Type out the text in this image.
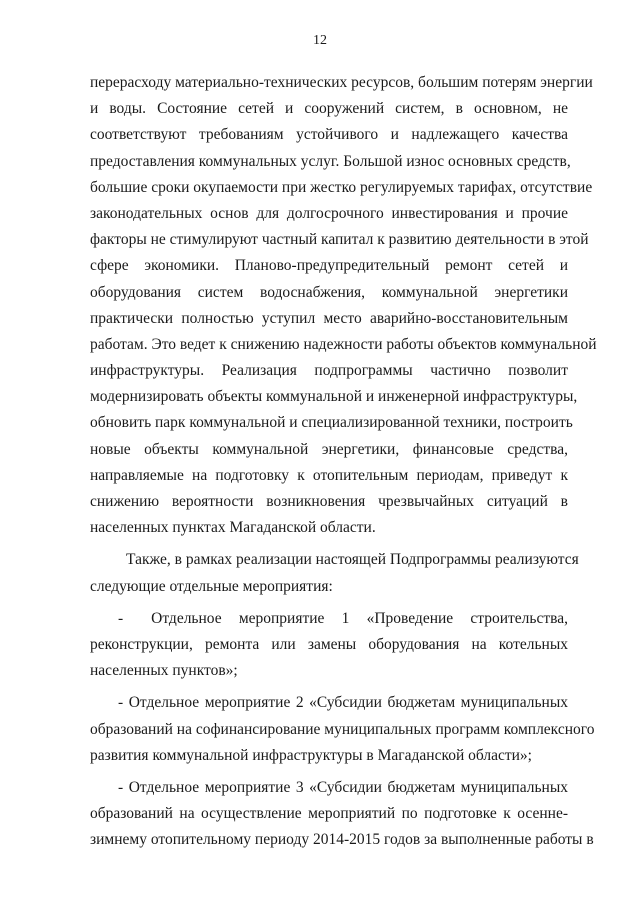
12
перерасходу материально-технических ресурсов, большим потерям энергии
и воды. Состояние сетей и сооружений систем, в основном, не
соответствуют требованиям устойчивого и надлежащего качества
предоставления коммунальных услуг. Большой износ основных средств,
большие сроки окупаемости при жестко регулируемых тарифах, отсутствие
законодательных основ для долгосрочного инвестирования и прочие
факторы не стимулируют частный капитал к развитию деятельности в этой
сфере экономики. Планово-предупредительный ремонт сетей и
оборудования систем водоснабжения, коммунальной энергетики
практически полностью уступил место аварийно-восстановительным
работам. Это ведет к снижению надежности работы объектов коммунальной
инфраструктуры. Реализация подпрограммы частично позволит
модернизировать объекты коммунальной и инженерной инфраструктуры,
обновить парк коммунальной и специализированной техники, построить
новые объекты коммунальной энергетики, финансовые средства,
направляемые на подготовку к отопительным периодам, приведут к
снижению вероятности возникновения чрезвычайных ситуаций в
населенных пунктах Магаданской области.
Также, в рамках реализации настоящей Подпрограммы реализуются
следующие отдельные мероприятия:
- Отдельное мероприятие 1 «Проведение строительства,
реконструкции, ремонта или замены оборудования на котельных
населенных пунктов»;
- Отдельное мероприятие 2 «Субсидии бюджетам муниципальных
образований на софинансирование муниципальных программ комплексного
развития коммунальной инфраструктуры в Магаданской области»;
- Отдельное мероприятие 3 «Субсидии бюджетам муниципальных
образований на осуществление мероприятий по подготовке к осенне-
зимнему отопительному периоду 2014-2015 годов за выполненные работы в
